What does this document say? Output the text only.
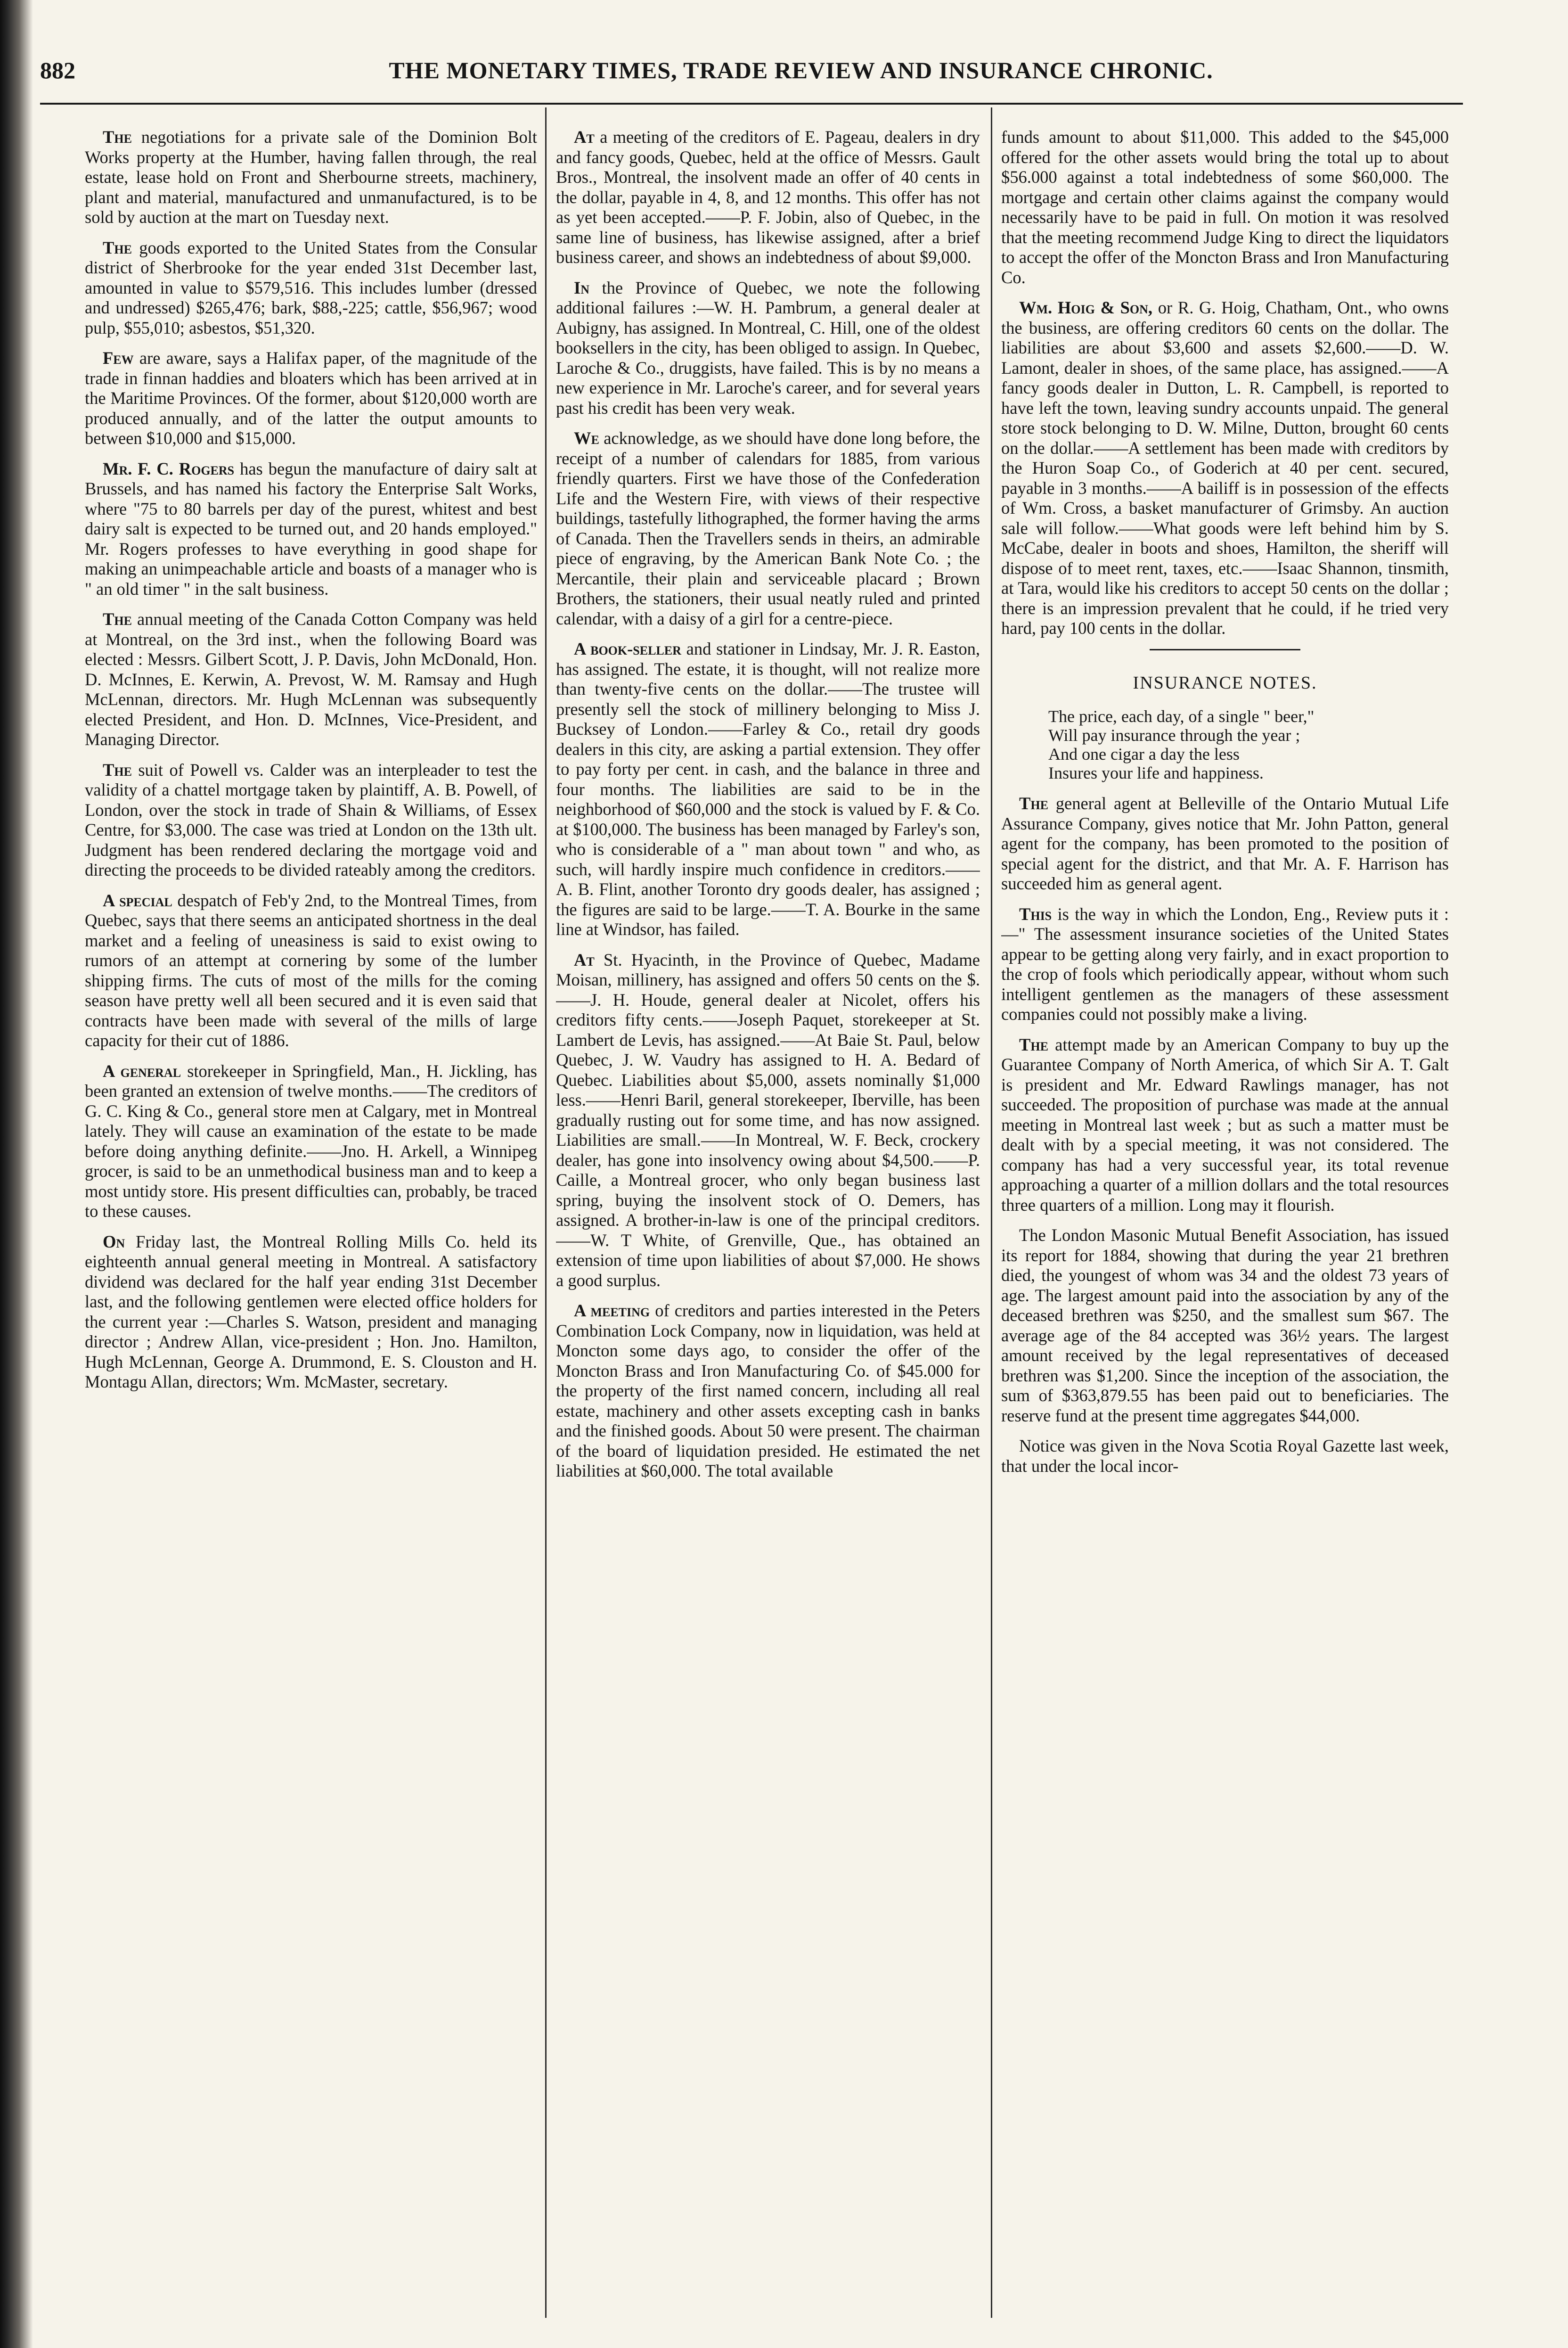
882	THE MONETARY TIMES, TRADE REVIEW AND INSURANCE CHRONIC.

The negotiations for a private sale of the Dominion Bolt Works property at the Humber, having fallen through, the real estate, lease hold on Front and Sherbourne streets, machinery, plant and material, manufactured and unmanufactured, is to be sold by auction at the mart on Tuesday next.

The goods exported to the United States from the Consular district of Sherbrooke for the year ended 31st December last, amounted in value to $579,516. This includes lumber (dressed and undressed) $265,476; bark, $88,-225; cattle, $56,967; wood pulp, $55,010; asbestos, $51,320.

Few are aware, says a Halifax paper, of the magnitude of the trade in finnan haddies and bloaters which has been arrived at in the Maritime Provinces. Of the former, about $120,000 worth are produced annually, and of the latter the output amounts to between $10,000 and $15,000.

Mr. F. C. Rogers has begun the manufacture of dairy salt at Brussels, and has named his factory the Enterprise Salt Works, where "75 to 80 barrels per day of the purest, whitest and best dairy salt is expected to be turned out, and 20 hands employed." Mr. Rogers professes to have everything in good shape for making an unimpeachable article and boasts of a manager who is " an old timer " in the salt business.

The annual meeting of the Canada Cotton Company was held at Montreal, on the 3rd inst., when the following Board was elected : Messrs. Gilbert Scott, J. P. Davis, John McDonald, Hon. D. McInnes, E. Kerwin, A. Prevost, W. M. Ramsay and Hugh McLennan, directors. Mr. Hugh McLennan was subsequently elected President, and Hon. D. McInnes, Vice-President, and Managing Director.

The suit of Powell vs. Calder was an interpleader to test the validity of a chattel mortgage taken by plaintiff, A. B. Powell, of London, over the stock in trade of Shain & Williams, of Essex Centre, for $3,000. The case was tried at London on the 13th ult. Judgment has been rendered declaring the mortgage void and directing the proceeds to be divided rateably among the creditors.

A special despatch of Feb'y 2nd, to the Montreal Times, from Quebec, says that there seems an anticipated shortness in the deal market and a feeling of uneasiness is said to exist owing to rumors of an attempt at cornering by some of the lumber shipping firms. The cuts of most of the mills for the coming season have pretty well all been secured and it is even said that contracts have been made with several of the mills of large capacity for their cut of 1886.

A general storekeeper in Springfield, Man., H. Jickling, has been granted an extension of twelve months.——The creditors of G. C. King & Co., general store men at Calgary, met in Montreal lately. They will cause an examination of the estate to be made before doing anything definite.——Jno. H. Arkell, a Winnipeg grocer, is said to be an unmethodical business man and to keep a most untidy store. His present difficulties can, probably, be traced to these causes.

On Friday last, the Montreal Rolling Mills Co. held its eighteenth annual general meeting in Montreal. A satisfactory dividend was declared for the half year ending 31st December last, and the following gentlemen were elected office holders for the current year :—Charles S. Watson, president and managing director ; Andrew Allan, vice-president ; Hon. Jno. Hamilton, Hugh McLennan, George A. Drummond, E. S. Clouston and H. Montagu Allan, directors; Wm. McMaster, secretary.

At a meeting of the creditors of E. Pageau, dealers in dry and fancy goods, Quebec, held at the office of Messrs. Gault Bros., Montreal, the insolvent made an offer of 40 cents in the dollar, payable in 4, 8, and 12 months. This offer has not as yet been accepted.——P. F. Jobin, also of Quebec, in the same line of business, has likewise assigned, after a brief business career, and shows an indebtedness of about $9,000.

In the Province of Quebec, we note the following additional failures :—W. H. Pambrum, a general dealer at Aubigny, has assigned. In Montreal, C. Hill, one of the oldest booksellers in the city, has been obliged to assign. In Quebec, Laroche & Co., druggists, have failed. This is by no means a new experience in Mr. Laroche's career, and for several years past his credit has been very weak.

We acknowledge, as we should have done long before, the receipt of a number of calendars for 1885, from various friendly quarters. First we have those of the Confederation Life and the Western Fire, with views of their respective buildings, tastefully lithographed, the former having the arms of Canada. Then the Travellers sends in theirs, an admirable piece of engraving, by the American Bank Note Co. ; the Mercantile, their plain and serviceable placard ; Brown Brothers, the stationers, their usual neatly ruled and printed calendar, with a daisy of a girl for a centre-piece.

A book-seller and stationer in Lindsay, Mr. J. R. Easton, has assigned. The estate, it is thought, will not realize more than twenty-five cents on the dollar.——The trustee will presently sell the stock of millinery belonging to Miss J. Bucksey of London.——Farley & Co., retail dry goods dealers in this city, are asking a partial extension. They offer to pay forty per cent. in cash, and the balance in three and four months. The liabilities are said to be in the neighborhood of $60,000 and the stock is valued by F. & Co. at $100,000. The business has been managed by Farley's son, who is considerable of a " man about town " and who, as such, will hardly inspire much confidence in creditors.——A. B. Flint, another Toronto dry goods dealer, has assigned ; the figures are said to be large.——T. A. Bourke in the same line at Windsor, has failed.

At St. Hyacinth, in the Province of Quebec, Madame Moisan, millinery, has assigned and offers 50 cents on the $.——J. H. Houde, general dealer at Nicolet, offers his creditors fifty cents.——Joseph Paquet, storekeeper at St. Lambert de Levis, has assigned.——At Baie St. Paul, below Quebec, J. W. Vaudry has assigned to H. A. Bedard of Quebec. Liabilities about $5,000, assets nominally $1,000 less.——Henri Baril, general storekeeper, Iberville, has been gradually rusting out for some time, and has now assigned. Liabilities are small.——In Montreal, W. F. Beck, crockery dealer, has gone into insolvency owing about $4,500.——P. Caille, a Montreal grocer, who only began business last spring, buying the insolvent stock of O. Demers, has assigned. A brother-in-law is one of the principal creditors.——W. T White, of Grenville, Que., has obtained an extension of time upon liabilities of about $7,000. He shows a good surplus.

A meeting of creditors and parties interested in the Peters Combination Lock Company, now in liquidation, was held at Moncton some days ago, to consider the offer of the Moncton Brass and Iron Manufacturing Co. of $45.000 for the property of the first named concern, including all real estate, machinery and other assets excepting cash in banks and the finished goods. About 50 were present. The chairman of the board of liquidation presided. He estimated the net liabilities at $60,000. The total available

funds amount to about $11,000. This added to the $45,000 offered for the other assets would bring the total up to about $56.000 against a total indebtedness of some $60,000. The mortgage and certain other claims against the company would necessarily have to be paid in full. On motion it was resolved that the meeting recommend Judge King to direct the liquidators to accept the offer of the Moncton Brass and Iron Manufacturing Co.

Wm. Hoig & Son, or R. G. Hoig, Chatham, Ont., who owns the business, are offering creditors 60 cents on the dollar. The liabilities are about $3,600 and assets $2,600.——D. W. Lamont, dealer in shoes, of the same place, has assigned.——A fancy goods dealer in Dutton, L. R. Campbell, is reported to have left the town, leaving sundry accounts unpaid. The general store stock belonging to D. W. Milne, Dutton, brought 60 cents on the dollar.——A settlement has been made with creditors by the Huron Soap Co., of Goderich at 40 per cent. secured, payable in 3 months.——A bailiff is in possession of the effects of Wm. Cross, a basket manufacturer of Grimsby. An auction sale will follow.——What goods were left behind him by S. McCabe, dealer in boots and shoes, Hamilton, the sheriff will dispose of to meet rent, taxes, etc.——Isaac Shannon, tinsmith, at Tara, would like his creditors to accept 50 cents on the dollar ; there is an impression prevalent that he could, if he tried very hard, pay 100 cents in the dollar.

INSURANCE NOTES.
The price, each day, of a single " beer,"
Will pay insurance through the year ;
And one cigar a day the less
Insures your life and happiness.

The general agent at Belleville of the Ontario Mutual Life Assurance Company, gives notice that Mr. John Patton, general agent for the company, has been promoted to the position of special agent for the district, and that Mr. A. F. Harrison has succeeded him as general agent.

This is the way in which the London, Eng., Review puts it :—" The assessment insurance societies of the United States appear to be getting along very fairly, and in exact proportion to the crop of fools which periodically appear, without whom such intelligent gentlemen as the managers of these assessment companies could not possibly make a living.

The attempt made by an American Company to buy up the Guarantee Company of North America, of which Sir A. T. Galt is president and Mr. Edward Rawlings manager, has not succeeded. The proposition of purchase was made at the annual meeting in Montreal last week ; but as such a matter must be dealt with by a special meeting, it was not considered. The company has had a very successful year, its total revenue approaching a quarter of a million dollars and the total resources three quarters of a million. Long may it flourish.

The London Masonic Mutual Benefit Association, has issued its report for 1884, showing that during the year 21 brethren died, the youngest of whom was 34 and the oldest 73 years of age. The largest amount paid into the association by any of the deceased brethren was $250, and the smallest sum $67. The average age of the 84 accepted was 36½ years. The largest amount received by the legal representatives of deceased brethren was $1,200. Since the inception of the association, the sum of $363,879.55 has been paid out to beneficiaries. The reserve fund at the present time aggregates $44,000.

Notice was given in the Nova Scotia Royal Gazette last week, that under the local incor-
